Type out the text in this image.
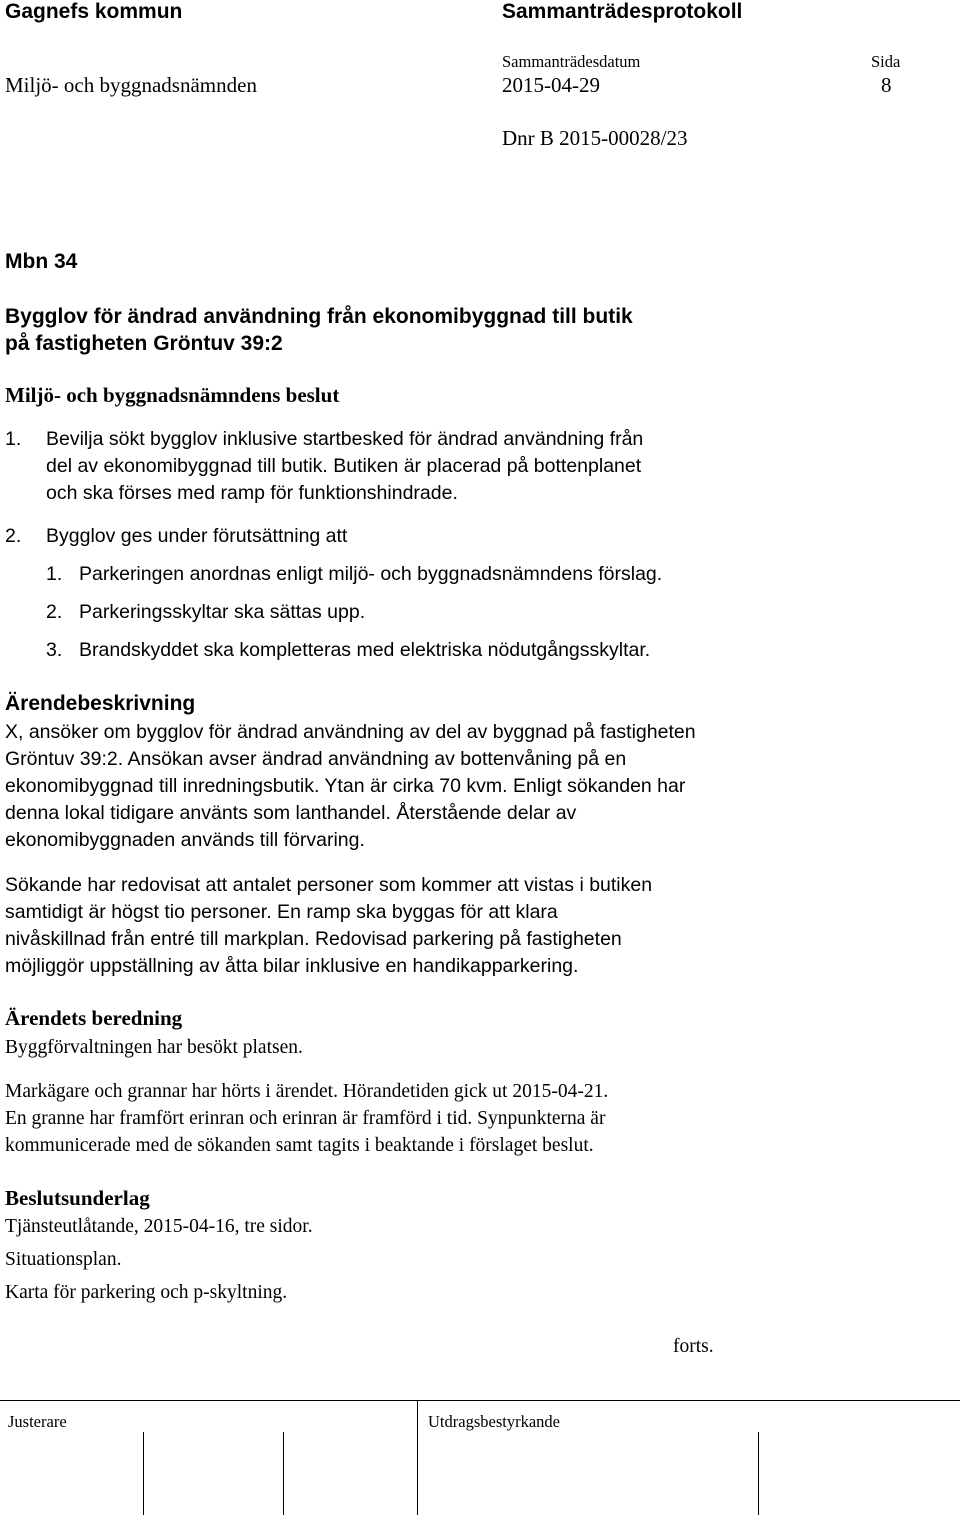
Gagnefs kommun	Sammanträdesprotokoll
Sammanträdesdatum	Sida
Miljö- och byggnadsnämnden	2015-04-29	8
Dnr B 2015-00028/23
Mbn 34
Bygglov för ändrad användning från ekonomibyggnad till butik
på fastigheten Gröntuv 39:2
Miljö- och byggnadsnämndens beslut
1. Bevilja sökt bygglov inklusive startbesked för ändrad användning från
del av ekonomibyggnad till butik. Butiken är placerad på bottenplanet
och ska förses med ramp för funktionshindrade.
2. Bygglov ges under förutsättning att
1. Parkeringen anordnas enligt miljö- och byggnadsnämndens förslag.
2. Parkeringsskyltar ska sättas upp.
3. Brandskyddet ska kompletteras med elektriska nödutgångsskyltar.
Ärendebeskrivning
X, ansöker om bygglov för ändrad användning av del av byggnad på fastigheten
Gröntuv 39:2. Ansökan avser ändrad användning av bottenvåning på en
ekonomibyggnad till inredningsbutik. Ytan är cirka 70 kvm. Enligt sökanden har
denna lokal tidigare använts som lanthandel. Återstående delar av
ekonomibyggnaden används till förvaring.
Sökande har redovisat att antalet personer som kommer att vistas i butiken
samtidigt är högst tio personer. En ramp ska byggas för att klara
nivåskillnad från entré till markplan. Redovisad parkering på fastigheten
möjliggör uppställning av åtta bilar inklusive en handikapparkering.
Ärendets beredning
Byggförvaltningen har besökt platsen.
Markägare och grannar har hörts i ärendet. Hörandetiden gick ut 2015-04-21.
En granne har framfört erinran och erinran är framförd i tid. Synpunkterna är
kommunicerade med de sökanden samt tagits i beaktande i förslaget beslut.
Beslutsunderlag
Tjänsteutlåtande, 2015-04-16, tre sidor.
Situationsplan.
Karta för parkering och p-skyltning.
forts.
Justerare	Utdragsbestyrkande
